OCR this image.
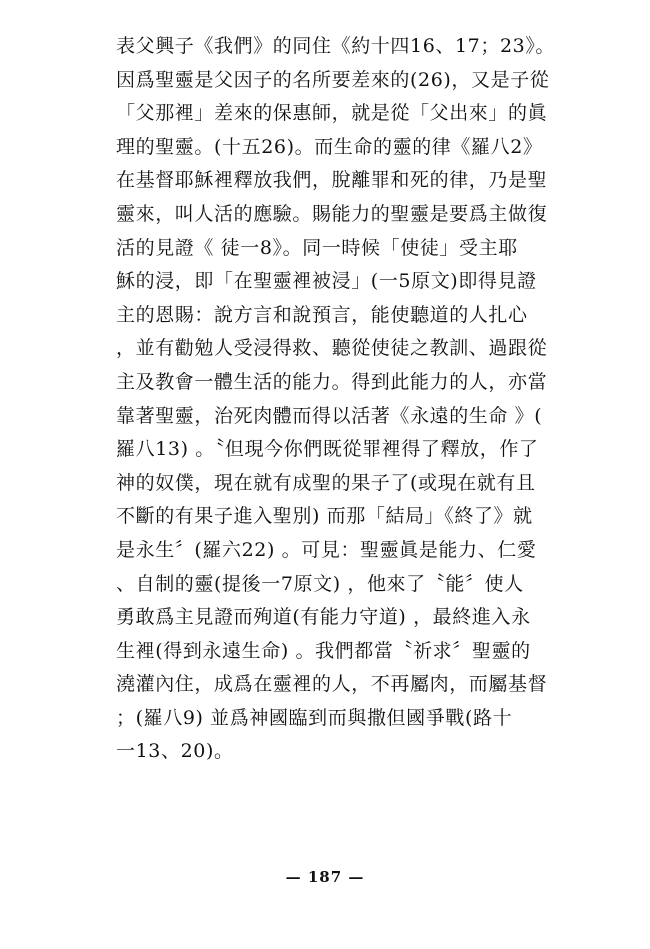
表父興子《我們》的同住《約十四16、17；23》。
因爲聖靈是父因子的名所要差來的(26)，又是子從
「父那裡」差來的保惠師，就是從「父出來」的眞
理的聖靈。(十五26)。而生命的靈的律《羅八2》
在基督耶穌裡釋放我們，脫離罪和死的律，乃是聖
靈來，叫人活的應驗。賜能力的聖靈是要爲主做復
活的見證《 徒一8》。同一時候「使徒」受主耶
穌的浸，即「在聖靈裡被浸」(一5原文)即得見證
主的恩賜：說方言和說預言，能使聽道的人扎心
，並有勸勉人受浸得救、聽從使徒之教訓、過跟從
主及教會一體生活的能力。得到此能力的人，亦當
靠著聖靈，治死肉體而得以活著《永遠的生命 》(
羅八13) 。〝但現今你們既從罪裡得了釋放，作了
神的奴僕，現在就有成聖的果子了(或現在就有且
不斷的有果子進入聖別) 而那「結局」《終了》就
是永生〞(羅六22) 。可見：聖靈眞是能力、仁愛
、自制的靈(提後一7原文) ，他來了〝能〞使人
勇敢爲主見證而殉道(有能力守道) ，最終進入永
生裡(得到永遠生命) 。我們都當〝祈求〞聖靈的
澆灌內住，成爲在靈裡的人，不再屬肉，而屬基督
；(羅八9) 並爲神國臨到而與撒但國爭戰(路十
一13、20)。
— 187 —
